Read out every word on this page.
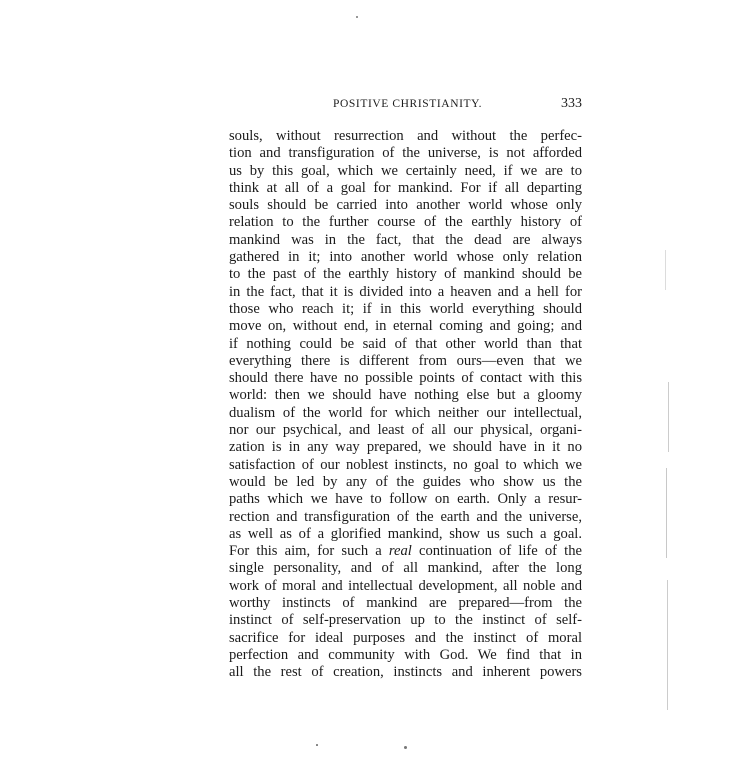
POSITIVE CHRISTIANITY.	333
souls, without resurrection and without the perfec-
tion and transfiguration of the universe, is not afforded
us by this goal, which we certainly need, if we are to
think at all of a goal for mankind. For if all departing
souls should be carried into another world whose only
relation to the further course of the earthly history of
mankind was in the fact, that the dead are always
gathered in it; into another world whose only relation
to the past of the earthly history of mankind should be
in the fact, that it is divided into a heaven and a hell for
those who reach it; if in this world everything should
move on, without end, in eternal coming and going; and
if nothing could be said of that other world than that
everything there is different from ours—even that we
should there have no possible points of contact with this
world: then we should have nothing else but a gloomy
dualism of the world for which neither our intellectual,
nor our psychical, and least of all our physical, organi-
zation is in any way prepared, we should have in it no
satisfaction of our noblest instincts, no goal to which we
would be led by any of the guides who show us the
paths which we have to follow on earth. Only a resur-
rection and transfiguration of the earth and the universe,
as well as of a glorified mankind, show us such a goal.
For this aim, for such a real continuation of life of the
single personality, and of all mankind, after the long
work of moral and intellectual development, all noble and
worthy instincts of mankind are prepared—from the
instinct of self-preservation up to the instinct of self-
sacrifice for ideal purposes and the instinct of moral
perfection and community with God. We find that in
all the rest of creation, instincts and inherent powers
